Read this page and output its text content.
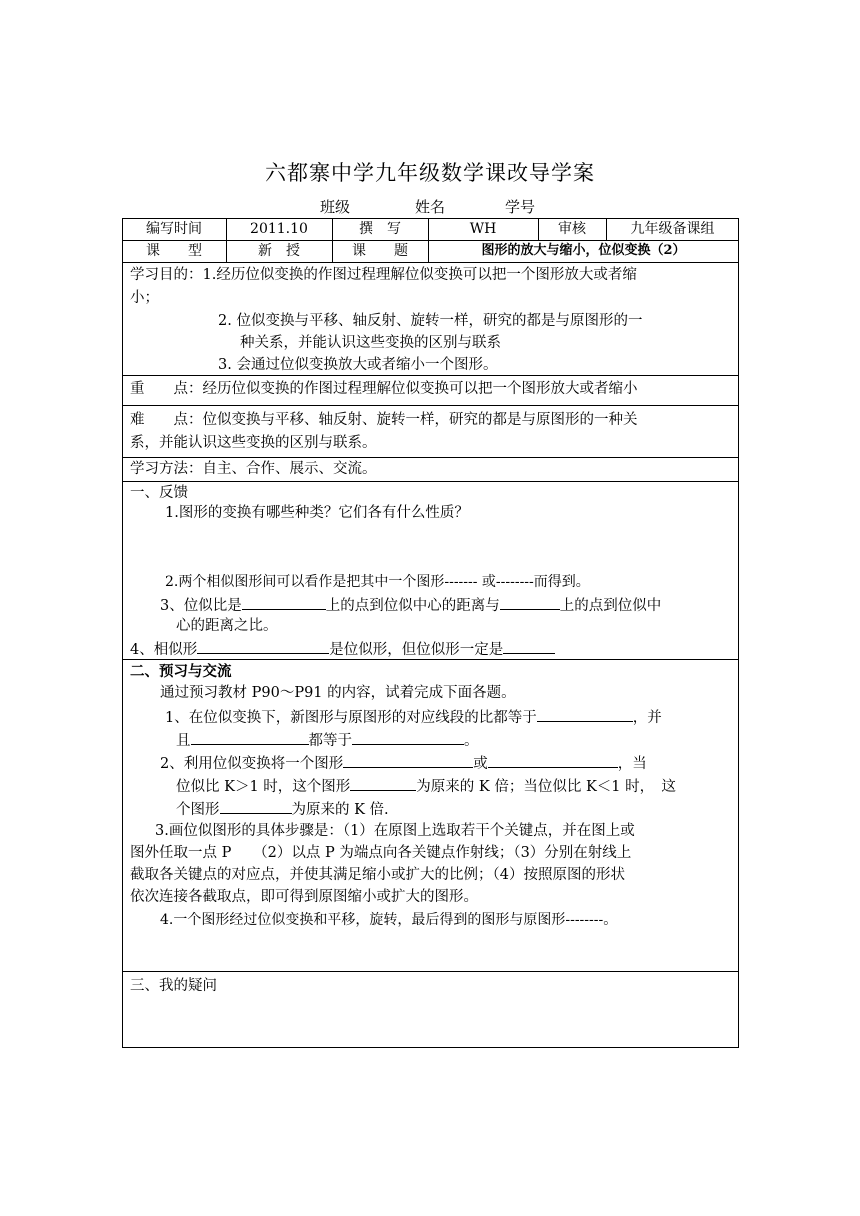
六都寨中学九年级数学课改导学案
班级	姓名	学号
编写时间	2011.10	撰　写	WH	审核	九年级备课组
课　　型	新　授	课　　题	图形的放大与缩小，位似变换（2）
学习目的：1.经历位似变换的作图过程理解位似变换可以把一个图形放大或者缩
小；
2. 位似变换与平移、轴反射、旋转一样，研究的都是与原图形的一
种关系，并能认识这些变换的区别与联系
3. 会通过位似变换放大或者缩小一个图形。
重　　点：经历位似变换的作图过程理解位似变换可以把一个图形放大或者缩小
难　　点：位似变换与平移、轴反射、旋转一样，研究的都是与原图形的一种关
系，并能认识这些变换的区别与联系。
学习方法：自主、合作、展示、交流。
一、反馈
1.图形的变换有哪些种类？它们各有什么性质？
2.两个相似图形间可以看作是把其中一个图形------- 或--------而得到。
3、位似比是	上的点到位似中心的距离与	上的点到位似中
心的距离之比。
4、相似形	是位似形，但位似形一定是
二、预习与交流
通过预习教材 P90～P91 的内容，试着完成下面各题。
1、在位似变换下，新图形与原图形的对应线段的比都等于	，并
且	都等于	。
2、利用位似变换将一个图形	或	，当
位似比 K＞1 时，这个图形	为原来的 K 倍；当位似比 K＜1 时，　这
个图形	为原来的 K 倍.
3.画位似图形的具体步骤是：（1）在原图上选取若干个关键点，并在图上或
图外任取一点 P　　（2）以点 P 为端点向各关键点作射线；（3）分别在射线上
截取各关键点的对应点，并使其满足缩小或扩大的比例；（4）按照原图的形状
依次连接各截取点，即可得到原图缩小或扩大的图形。
4.一个图形经过位似变换和平移，旋转，最后得到的图形与原图形--------。
三、我的疑问
